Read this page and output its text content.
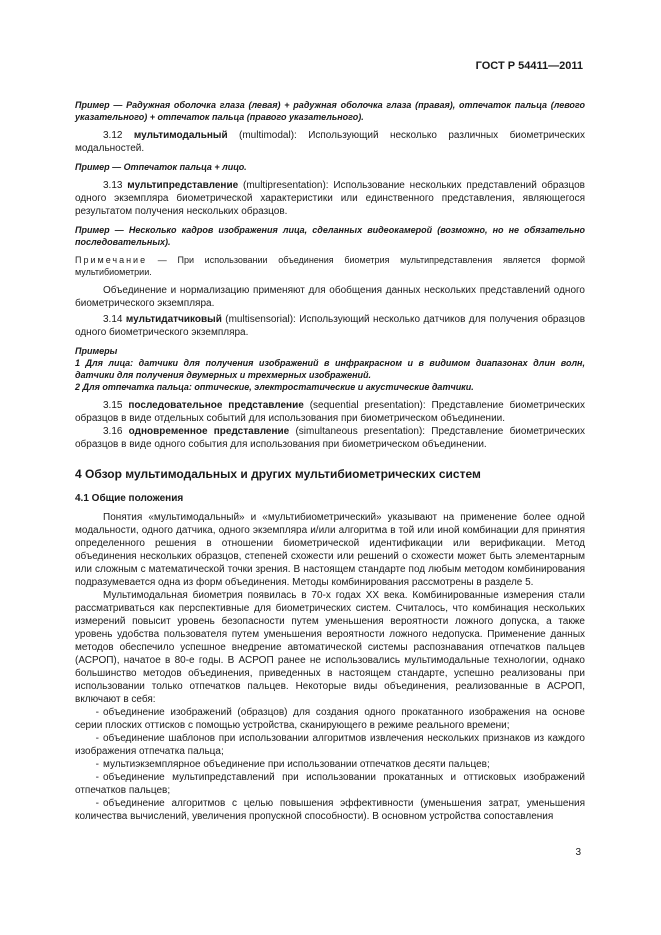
ГОСТ Р 54411—2011

Пример — Радужная оболочка глаза (левая) + радужная оболочка глаза (правая), отпечаток пальца (левого указательного) + отпечаток пальца (правого указательного).

3.12 мультимодальный (multimodal): Использующий несколько различных биометрических модальностей.

Пример — Отпечаток пальца + лицо.

3.13 мультипредставление (multipresentation): Использование нескольких представлений образцов одного экземпляра биометрической характеристики или единственного представления, являющегося результатом получения нескольких образцов.

Пример — Несколько кадров изображения лица, сделанных видеокамерой (возможно, но не обязательно последовательных).

Примечание — При использовании объединения биометрия мультипредставления является формой мультибиометрии.

Объединение и нормализацию применяют для обобщения данных нескольких представлений одного биометрического экземпляра.

3.14 мультидатчиковый (multisensorial): Использующий несколько датчиков для получения образцов одного биометрического экземпляра.

Примеры

1 Для лица: датчики для получения изображений в инфракрасном и в видимом диапазонах длин волн, датчики для получения двумерных и трехмерных изображений.

2 Для отпечатка пальца: оптические, электростатические и акустические датчики.

3.15 последовательное представление (sequential presentation): Представление биометрических образцов в виде отдельных событий для использования при биометрическом объединении.

3.16 одновременное представление (simultaneous presentation): Представление биометрических образцов в виде одного события для использования при биометрическом объединении.

4 Обзор мультимодальных и других мультибиометрических систем
4.1 Общие положения

Понятия «мультимодальный» и «мультибиометрический» указывают на применение более одной модальности, одного датчика, одного экземпляра и/или алгоритма в той или иной комбинации для принятия определенного решения в отношении биометрической идентификации или верификации. Метод объединения нескольких образцов, степеней схожести или решений о схожести может быть элементарным или сложным с математической точки зрения. В настоящем стандарте под любым методом комбинирования подразумевается одна из форм объединения. Методы комбинирования рассмотрены в разделе 5.

Мультимодальная биометрия появилась в 70-х годах XX века. Комбинированные измерения стали рассматриваться как перспективные для биометрических систем. Считалось, что комбинация нескольких измерений повысит уровень безопасности путем уменьшения вероятности ложного допуска, а также уровень удобства пользователя путем уменьшения вероятности ложного недопуска. Применение данных методов обеспечило успешное внедрение автоматической системы распознавания отпечатков пальцев (АСРОП), начатое в 80-е годы. В АСРОП ранее не использовались мультимодальные технологии, однако большинство методов объединения, приведенных в настоящем стандарте, успешно реализованы при использовании только отпечатков пальцев. Некоторые виды объединения, реализованные в АСРОП, включают в себя:

- объединение изображений (образцов) для создания одного прокатанного изображения на основе серии плоских оттисков с помощью устройства, сканирующего в режиме реального времени;

- объединение шаблонов при использовании алгоритмов извлечения нескольких признаков из каждого изображения отпечатка пальца;

- мультиэкземплярное объединение при использовании отпечатков десяти пальцев;

- объединение мультипредставлений при использовании прокатанных и оттисковых изображений отпечатков пальцев;

- объединение алгоритмов с целью повышения эффективности (уменьшения затрат, уменьшения количества вычислений, увеличения пропускной способности). В основном устройства сопоставления

3
